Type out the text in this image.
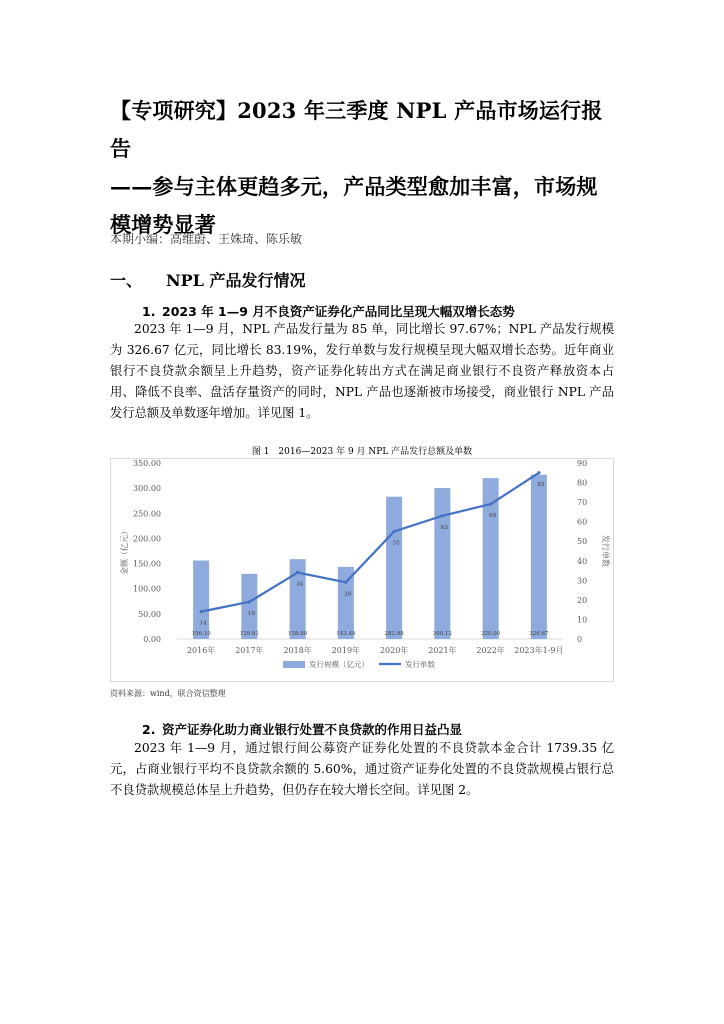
【专项研究】2023 年三季度 NPL 产品市场运行报告
——参与主体更趋多元，产品类型愈加丰富，市场规
模增势显著
本期小编：高维蔚、王姝琦、陈乐敏
一、 NPL 产品发行情况
1. 2023 年 1—9 月不良资产证券化产品同比呈现大幅双增长态势
2023 年 1—9 月，NPL 产品发行量为 85 单，同比增长 97.67%；NPL 产品发行规模为 326.67 亿元，同比增长 83.19%，发行单数与发行规模呈现大幅双增长态势。近年商业银行不良贷款余额呈上升趋势，资产证券化转出方式在满足商业银行不良资产释放资本占用、降低不良率、盘活存量资产的同时，NPL 产品也逐渐被市场接受，商业银行 NPL 产品发行总额及单数逐年增加。详见图 1。
图 1　2016—2023 年 9 月 NPL 产品发行总额及单数
0.00
50.00
100.00
150.00
200.00
250.00
300.00
350.00
0
10
20
30
40
50
60
70
80
90
金额（亿元）	发行单数
156.10	129.61	158.80	143.49	282.98	300.12	320.00	326.67
14
19
34
29
55
63
69
85
2016年 2017年 2018年 2019年 2020年 2021年 2022年 2023年1-9月
发行规模（亿元）	发行单数
资料来源：wind，联合资信整理
2. 资产证券化助力商业银行处置不良贷款的作用日益凸显
2023 年 1—9 月，通过银行间公募资产证券化处置的不良贷款本金合计 1739.35 亿元，占商业银行平均不良贷款余额的 5.60%，通过资产证券化处置的不良贷款规模占银行总不良贷款规模总体呈上升趋势，但仍存在较大增长空间。详见图 2。
